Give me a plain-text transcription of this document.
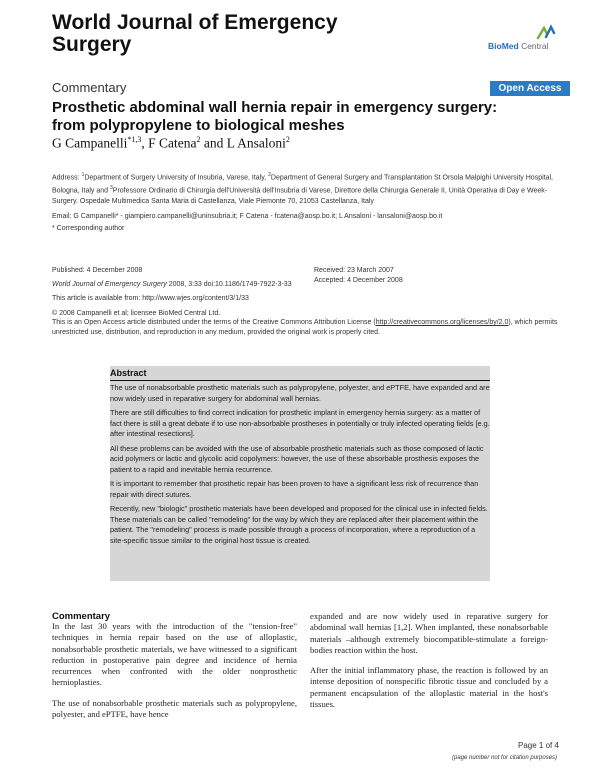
World Journal of Emergency
Surgery	BioMed Central
Commentary	Open Access
Prosthetic abdominal wall hernia repair in emergency surgery:
from polypropylene to biological meshes
G Campanelli$^{*1,3}$, F Catena$^2$ and L Ansaloni$^2$
Address: $^1$Department of Surgery University of Insubria, Varese, Italy, $^2$Department of General Surgery and Transplantation St Orsola Malpighi University Hospital, Bologna, Italy and $^3$Professore Ordinario di Chirurgia dell'Università dell'Insubria di Varese, Direttore della Chirurgia Generale II, Unità Operativa di Day e Week-Surgery. Ospedale Multimedica Santa Maria di Castellanza, Viale Piemonte 70, 21053 Castellanza, Italy
Email: G Campanelli* - giampiero.campanelli@uninsubria.it; F Catena - fcatena@aosp.bo.it; L Ansaloni - lansaloni@aosp.bo.it
* Corresponding author
Published: 4 December 2008	Received: 23 March 2007
World Journal of Emergency Surgery 2008, 3:33 doi:10.1186/1749-7922-3-33
Accepted: 4 December 2008
This article is available from: http://www.wjes.org/content/3/1/33
© 2008 Campanelli et al; licensee BioMed Central Ltd.
This is an Open Access article distributed under the terms of the Creative Commons Attribution License (http://creativecommons.org/licenses/by/2.0), which permits unrestricted use, distribution, and reproduction in any medium, provided the original work is properly cited.
Abstract

The use of nonabsorbable prosthetic materials such as polypropylene, polyester, and ePTFE, have expanded and are now widely used in reparative surgery for abdominal wall hernias.

There are still difficulties to find correct indication for prosthetic implant in emergency hernia surgery: as a matter of fact there is still a great debate if to use non-absorbable prostheses in potentially or truly infected operating fields [e.g. after intestinal resections].

All these problems can be avoided with the use of absorbable prosthetic materials such as those composed of lactic acid polymers or lactic and glycolic acid copolymers: however, the use of these absorbable prosthesis exposes the patient to a rapid and inevitable hernia recurrence.

It is important to remember that prosthetic repair has been proven to have a significant less risk of recurrence than repair with direct sutures.

Recently, new "biologic" prosthetic materials have been developed and proposed for the clinical use in infected fields. These materials can be called "remodeling" for the way by which they are replaced after their placement within the patient. The "remodeling" process is made possible through a process of incorporation, where a reproduction of a site-specific tissue similar to the original host tissue is created.

Commentary

In the last 30 years with the introduction of the "tension-free" techniques in hernia repair based on the use of alloplastic, nonabsorbable prosthetic materials, we have witnessed to a significant reduction in postoperative pain degree and incidence of hernia recurrences when confronted with the older nonprosthetic hernioplasties.

The use of nonabsorbable prosthetic materials such as polypropylene, polyester, and ePTFE, have hence

expanded and are now widely used in reparative surgery for abdominal wall hernias [1,2]. When implanted, these nonabsorbable materials –although extremely biocompatible-stimulate a foreign-bodies reaction within the host.

After the initial inflammatory phase, the reaction is followed by an intense deposition of nonspecific fibrotic tissue and concluded by a permanent encapsulation of the alloplastic material in the host's tissues.

Page 1 of 4
(page number not for citation purposes)
